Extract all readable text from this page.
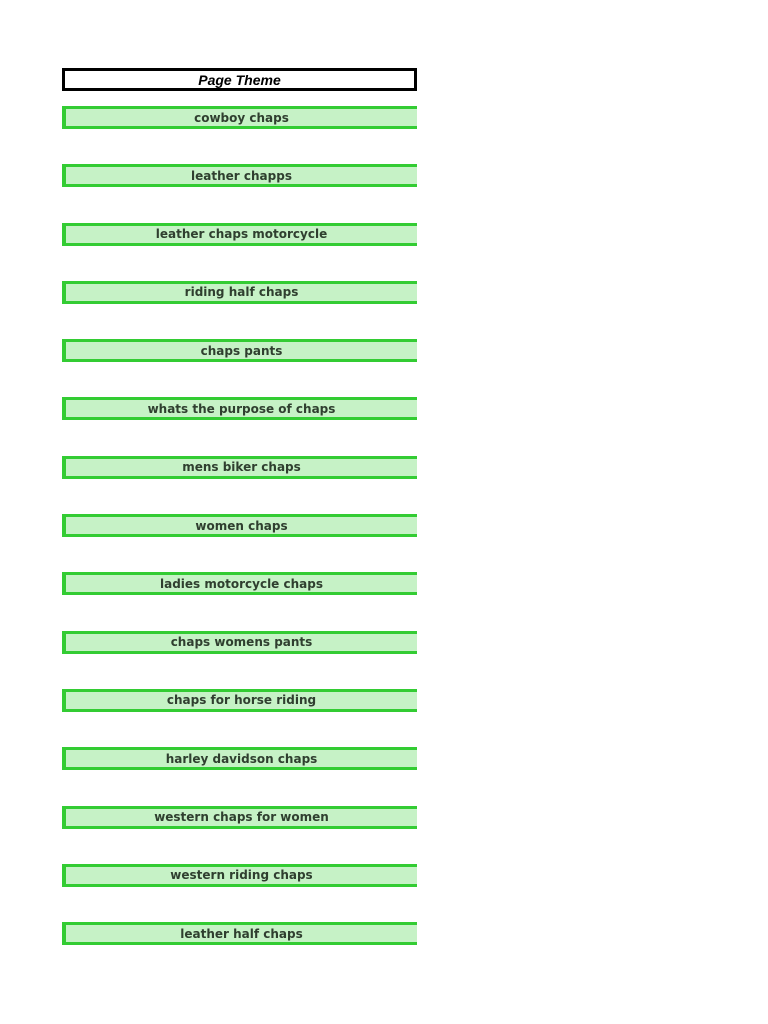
Page Theme
cowboy chaps
leather chapps
leather chaps motorcycle
riding half chaps
chaps pants
whats the purpose of chaps
mens biker chaps
women chaps
ladies motorcycle chaps
chaps womens pants
chaps for horse riding
harley davidson chaps
western chaps for women
western riding chaps
leather half chaps
